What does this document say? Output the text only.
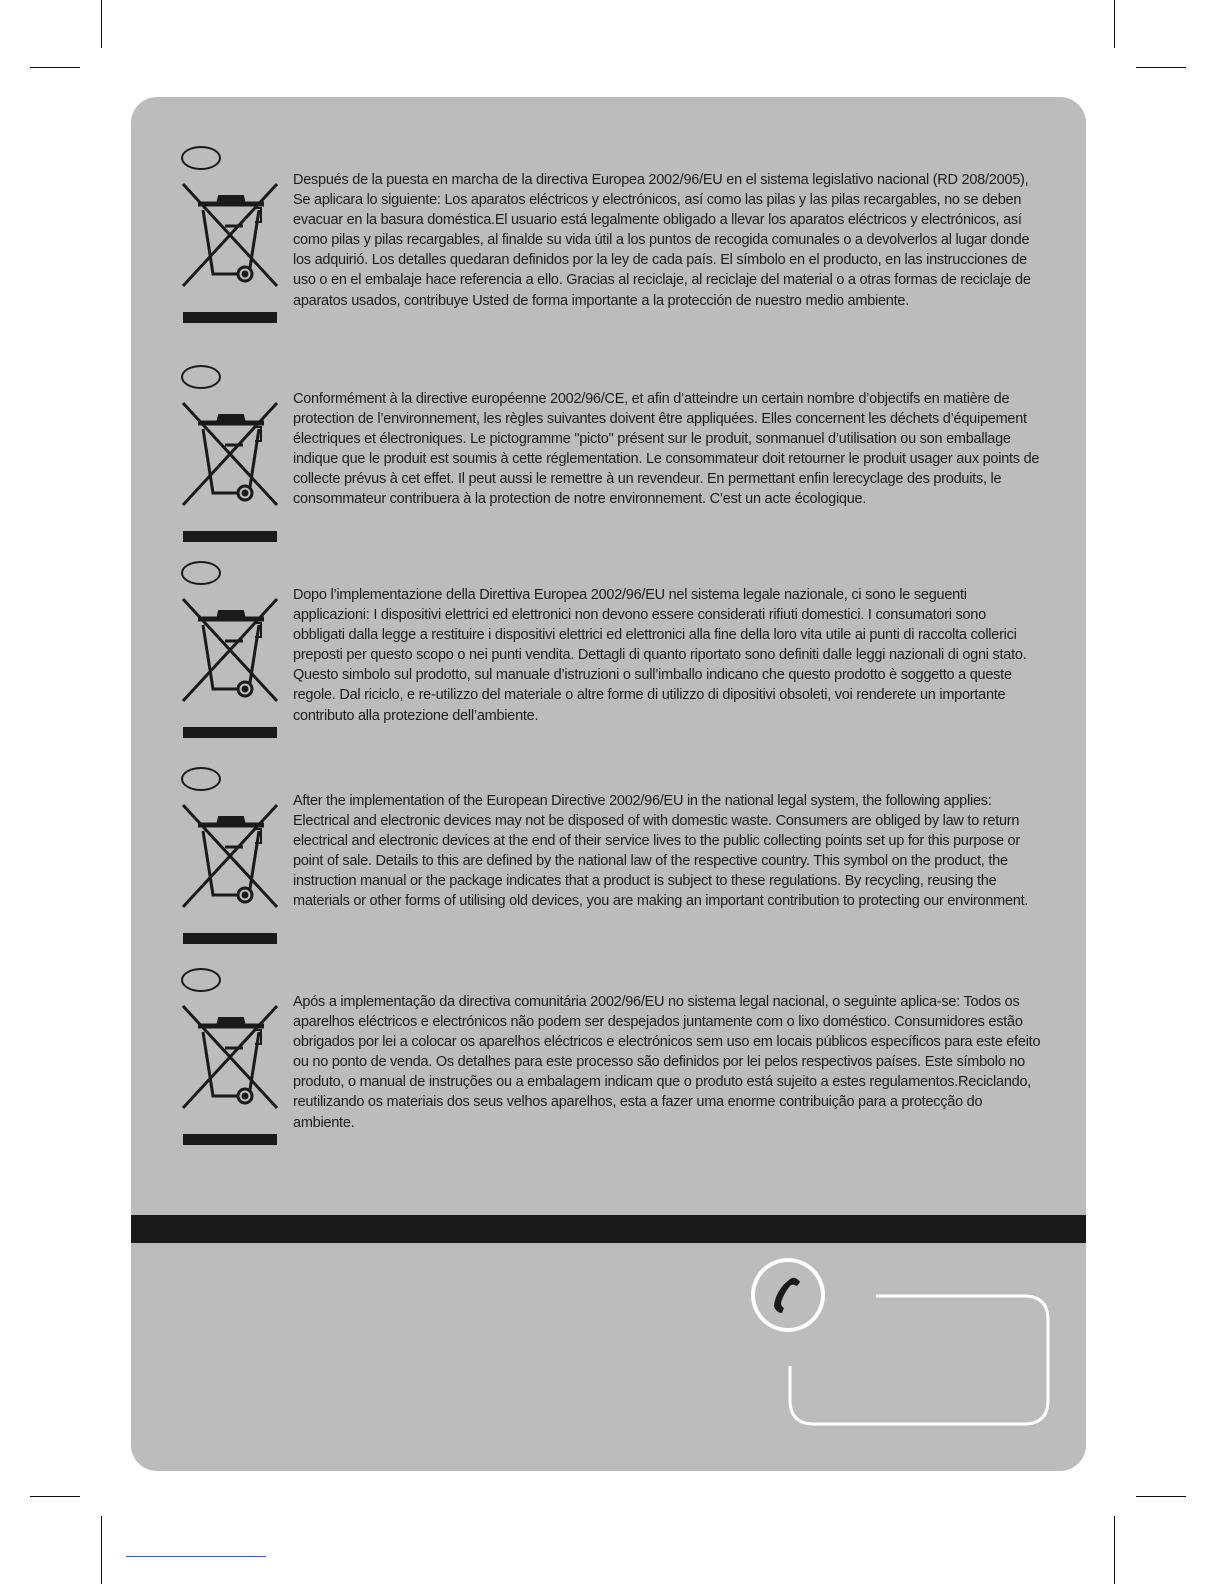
Después de la puesta en marcha de la directiva Europea 2002/96/EU en el sistema legislativo nacional (RD 208/2005), Se aplicara lo siguiente: Los aparatos eléctricos y electrónicos, así como las pilas y las pilas recargables, no se deben evacuar en la basura doméstica.El usuario está legalmente obligado a llevar los aparatos eléctricos y electrónicos, así como pilas y pilas recargables, al finalde su vida útil a los puntos de recogida comunales o a devolverlos al lugar donde los adquirió. Los detalles quedaran definidos por la ley de cada país. El símbolo en el producto, en las instrucciones de uso o en el embalaje hace referencia a ello. Gracias al reciclaje, al reciclaje del material o a otras formas de reciclaje de aparatos usados, contribuye Usted de forma importante a la protección de nuestro medio ambiente.
Conformément à la directive européenne 2002/96/CE, et afin d’atteindre un certain nombre d’objectifs en matière de protection de l’environnement, les règles suivantes doivent être appliquées. Elles concernent les déchets d’équipement électriques et électroniques. Le pictogramme "picto" présent sur le produit, sonmanuel d’utilisation ou son emballage indique que le produit est soumis à cette réglementation. Le consommateur doit retourner le produit usager aux points de collecte prévus à cet effet. Il peut aussi le remettre à un revendeur. En permettant enfin lerecyclage des produits, le consommateur contribuera à la protection de notre environnement. C’est un acte écologique.
Dopo l’implementazione della Direttiva Europea 2002/96/EU nel sistema legale nazionale, ci sono le seguenti applicazioni: I dispositivi elettrici ed elettronici non devono essere considerati rifiuti domestici. I consumatori sono obbligati dalla legge a restituire i dispositivi elettrici ed elettronici alla fine della loro vita utile ai punti di raccolta collerici preposti per questo scopo o nei punti vendita. Dettagli di quanto riportato sono definiti dalle leggi nazionali di ogni stato. Questo simbolo sul prodotto, sul manuale d’istruzioni o sull’imballo indicano che questo prodotto è soggetto a queste regole. Dal riciclo, e re-utilizzo del materiale o altre forme di utilizzo di dipositivi obsoleti, voi renderete un importante contributo alla protezione dell’ambiente.
After the implementation of the European Directive 2002/96/EU in the national legal system, the following applies: Electrical and electronic devices may not be disposed of with domestic waste. Consumers are obliged by law to return electrical and electronic devices at the end of their service lives to the public collecting points set up for this purpose or point of sale. Details to this are defined by the national law of the respective country. This symbol on the product, the instruction manual or the package indicates that a product is subject to these regulations. By recycling, reusing the materials or other forms of utilising old devices, you are making an important contribution to protecting our environment.
Após a implementação da directiva comunitária 2002/96/EU no sistema legal nacional, o seguinte aplica-se: Todos os aparelhos eléctricos e electrónicos não podem ser despejados juntamente com o lixo doméstico. Consumidores estão obrigados por lei a colocar os aparelhos eléctricos e electrónicos sem uso em locais públicos específicos para este efeito ou no ponto de venda. Os detalhes para este processo são definidos por lei pelos respectivos países. Este símbolo no produto, o manual de instruções ou a embalagem indicam que o produto está sujeito a estes regulamentos.Reciclando, reutilizando os materiais dos seus velhos aparelhos, esta a fazer uma enorme contribuição para a protecção do ambiente.
